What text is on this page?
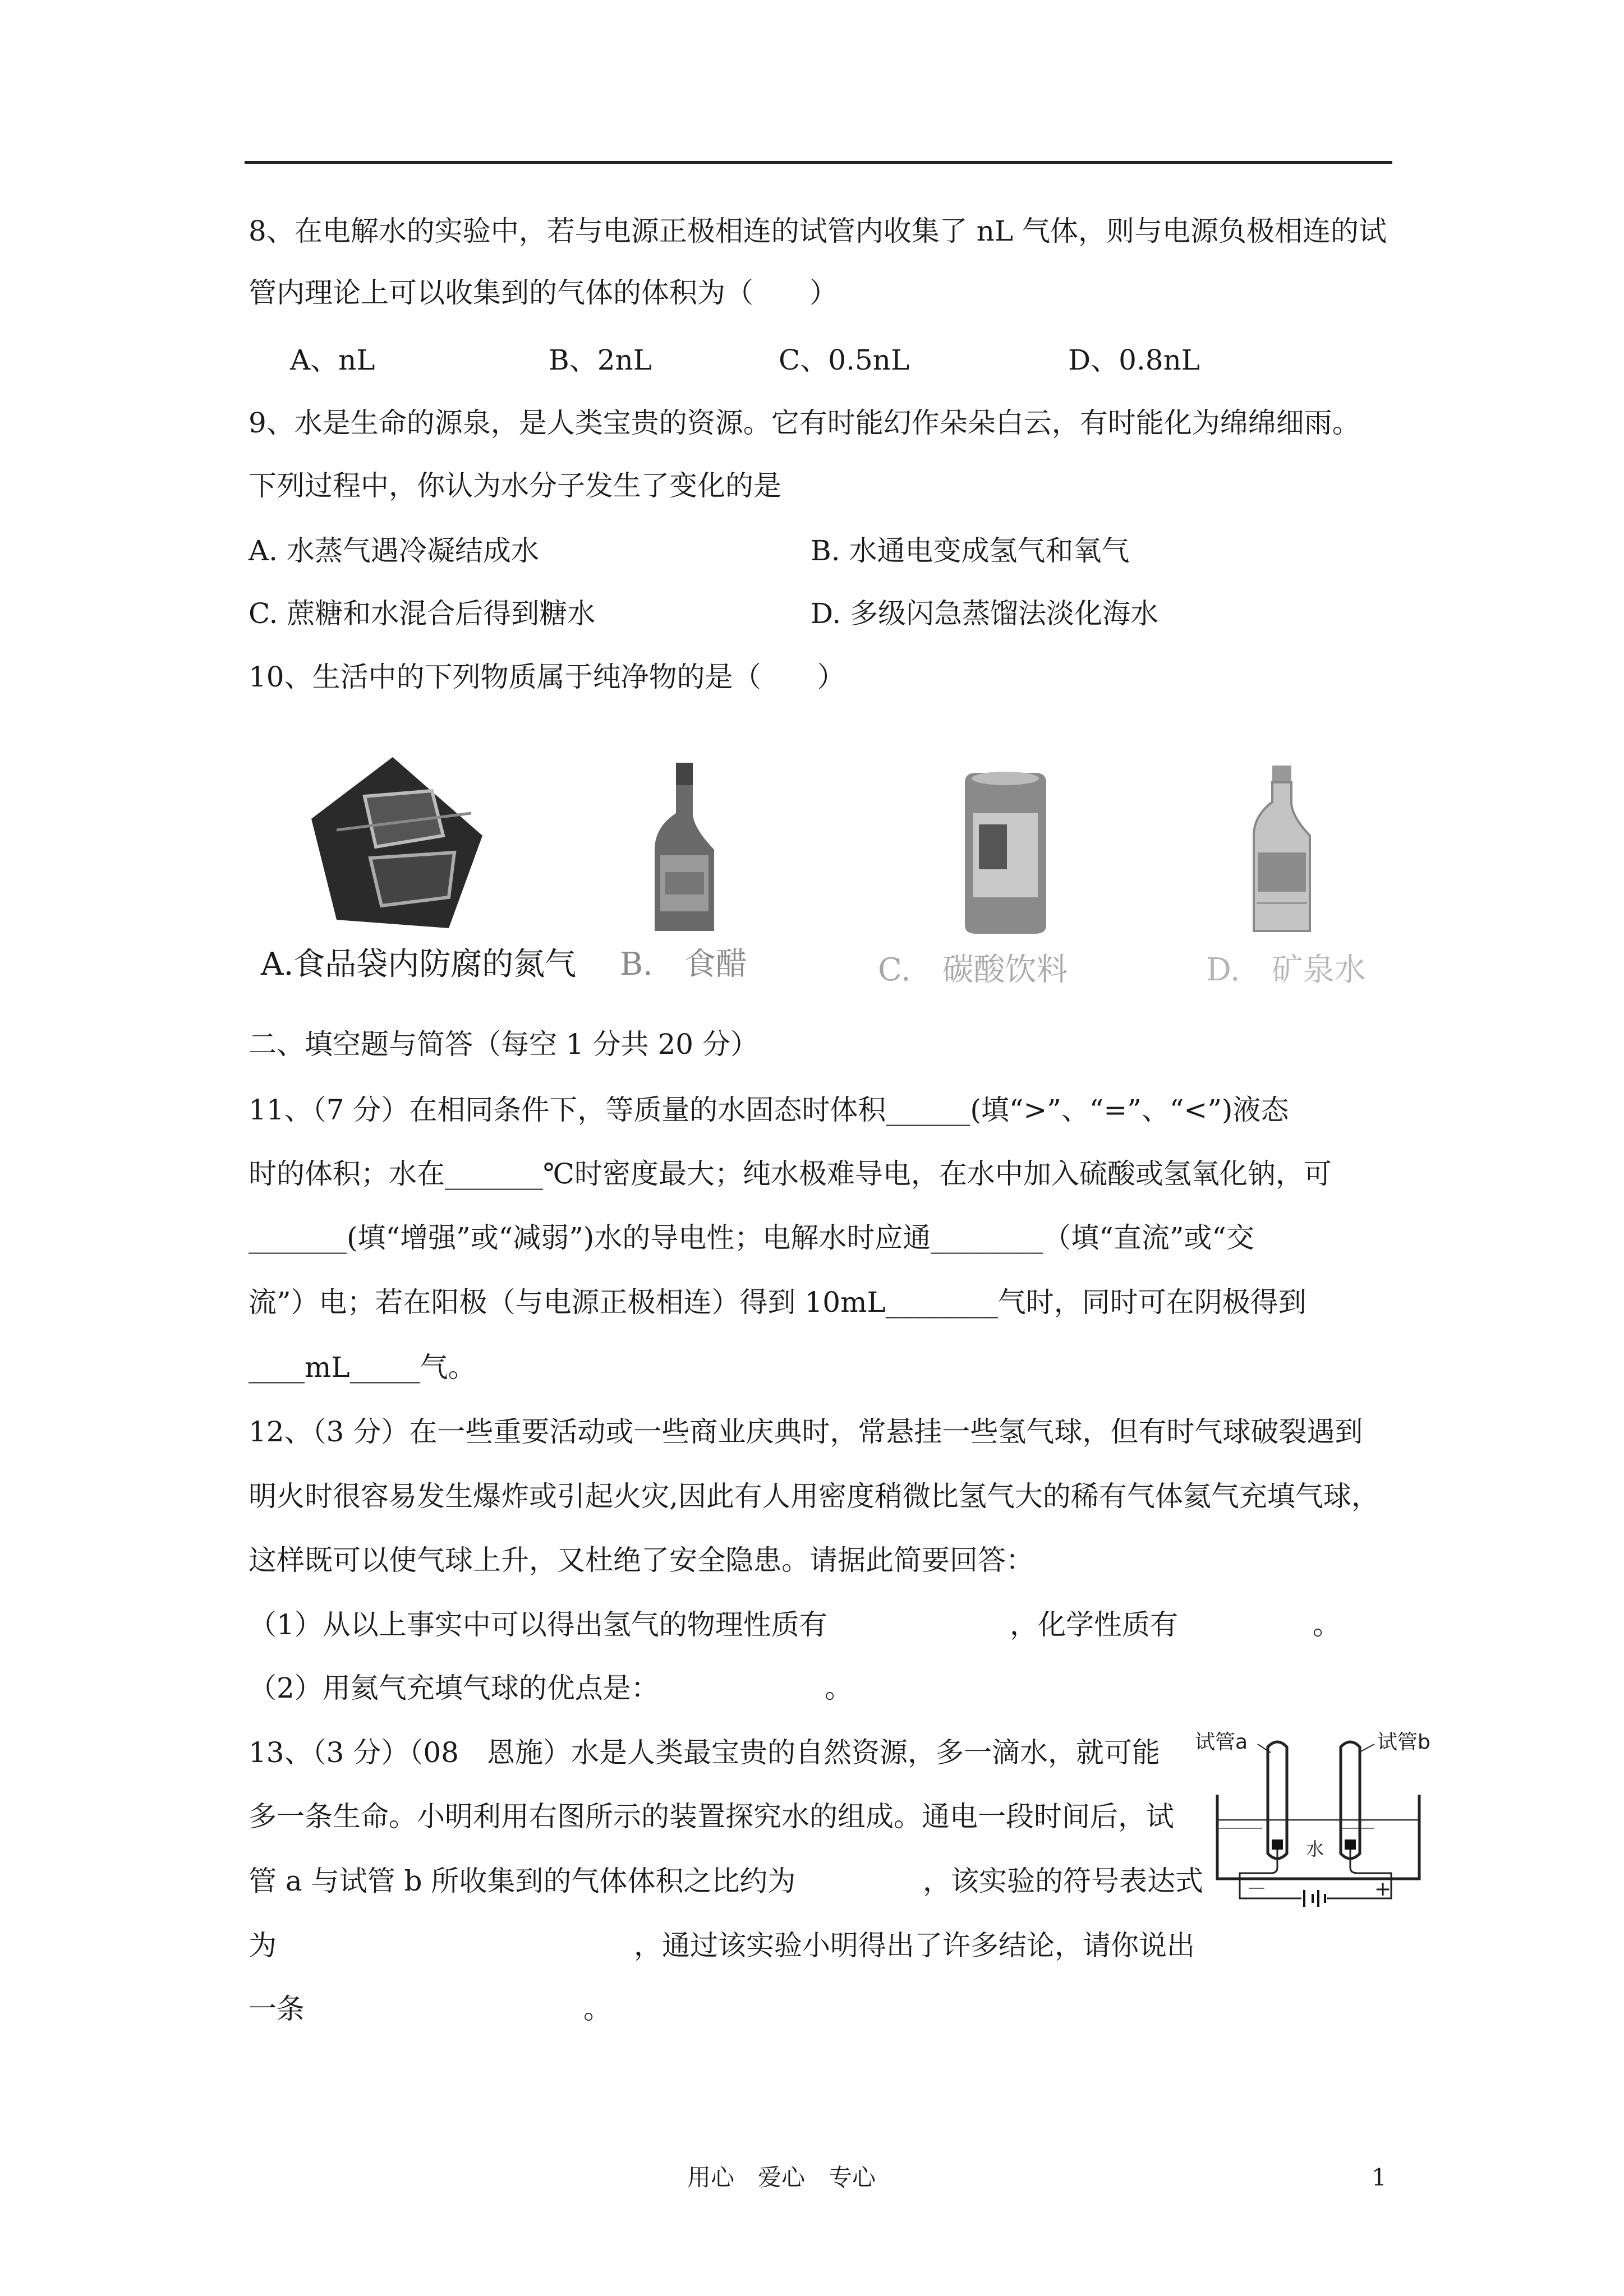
8、在电解水的实验中，若与电源正极相连的试管内收集了 nL 气体，则与电源负极相连的试
管内理论上可以收集到的气体的体积为（　　）
A、nL	B、2nL	C、0.5nL	D、0.8nL
9、水是生命的源泉，是人类宝贵的资源。它有时能幻作朵朵白云，有时能化为绵绵细雨。
下列过程中，你认为水分子发生了变化的是
A. 水蒸气遇冷凝结成水	B. 水通电变成氢气和氧气
C. 蔗糖和水混合后得到糖水	D. 多级闪急蒸馏法淡化海水
10、生活中的下列物质属于纯净物的是（　　）
A.食品袋内防腐的氮气 B.　食醋	C.　碳酸饮料	D.　矿泉水
二、填空题与简答（每空 1 分共 20 分）
11、（7 分）在相同条件下，等质量的水固态时体积______(填“>”、“=”、“<”)液态
时的体积；水在_______℃时密度最大；纯水极难导电，在水中加入硫酸或氢氧化钠，可
_______(填“增强”或“减弱”)水的导电性；电解水时应通________（填“直流”或“交
流”）电；若在阳极（与电源正极相连）得到 10mL________气时，同时可在阴极得到
____mL_____气。
12、（3 分）在一些重要活动或一些商业庆典时，常悬挂一些氢气球，但有时气球破裂遇到
明火时很容易发生爆炸或引起火灾,因此有人用密度稍微比氢气大的稀有气体氦气充填气球，
这样既可以使气球上升，又杜绝了安全隐患。请据此简要回答：
（1）从以上事实中可以得出氢气的物理性质有	，化学性质有	。
（2）用氦气充填气球的优点是：	。
13、（3 分）（08　恩施）水是人类最宝贵的自然资源，多一滴水，就可能
多一条生命。小明利用右图所示的装置探究水的组成。通电一段时间后，试
管 a 与试管 b 所收集到的气体体积之比约为	，该实验的符号表达式
为	，通过该实验小明得出了许多结论，请你说出
一条	。
试管a	试管b
水
－	+
用心　爱心　专心	1
